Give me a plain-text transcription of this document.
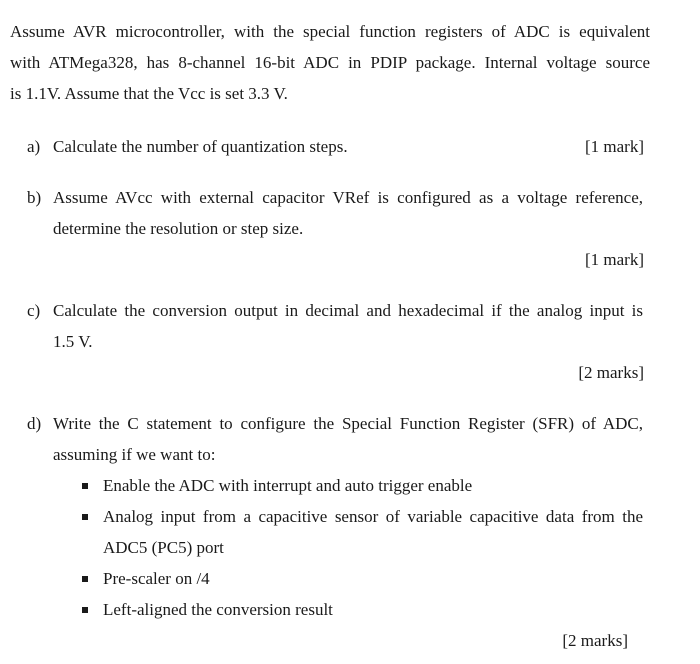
Assume AVR microcontroller, with the special function registers of ADC is equivalent
with ATMega328, has 8-channel 16-bit ADC in PDIP package. Internal voltage source
is 1.1V. Assume that the Vcc is set 3.3 V.
a) Calculate the number of quantization steps.	[1 mark]
b) Assume AVcc with external capacitor VRef is configured as a voltage reference,
determine the resolution or step size.
[1 mark]
c) Calculate the conversion output in decimal and hexadecimal if the analog input is
1.5 V.
[2 marks]
d) Write the C statement to configure the Special Function Register (SFR) of ADC,
assuming if we want to:
Enable the ADC with interrupt and auto trigger enable
Analog input from a capacitive sensor of variable capacitive data from the
ADC5 (PC5) port
Pre-scaler on /4
Left-aligned the conversion result
[2 marks]
